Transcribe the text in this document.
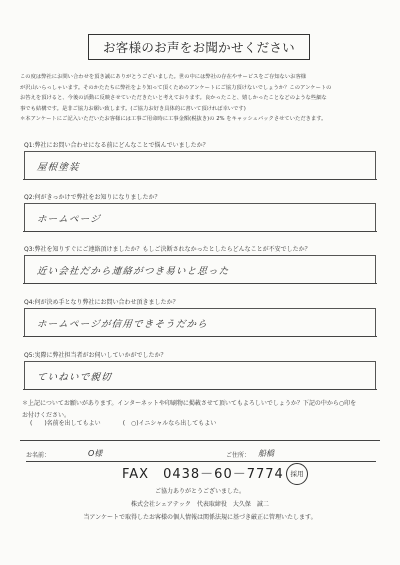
お客様のお声をお聞かせください

この度は弊社にお問い合わせを頂き誠にありがとうございました。世の中には弊社の存在やサービスをご存知ないお客様

が沢山いらっしゃいます。そのかたたちに弊社をより知って頂くためのアンケートにご協力頂けないでしょうか？このアンケートの

お答えを頂けると、今後の活動に反映させていただきたいと考えております。良かったこと、嬉しかったことなどのような些細な

事でも結構です。是非ご協力お願い致します。(ご協力お好き具体的に書いて頂ければ幸いです)

＊本アンケートにご記入いただいたお客様には工事ご用命時に工事金額(税抜き)の 2% をキャッシュバックさせていただきます。

Q1:弊社にお問い合わせになる前にどんなことで悩んでいましたか？
屋根塗装
Q2:何がきっかけで弊社をお知りになりましたか？
ホームページ
Q3:弊社を知りすぐにご連絡頂けましたか？もしご決断されなかったとしたらどんなことが不安でしたか？
近い会社だから連絡がつき易いと思った
Q4:何が決め手となり弊社にお問い合わせ頂きましたか？
ホームページが信用できそうだから
Q5:実際に弊社担当者がお伺いしていかがでしたか？
ていねいで親切
＊上記についてお願いがあります。インターネットや印刷物に掲載させて頂いてもよろしいでしょうか？下記の中から○印を
お付けください。
(　　)名前を出してもよい	(　○)イニシャルなら出してもよい
お名前：	O様	ご住所： 船橋
FAX　0438－60－7774	採用
ご協力ありがとうございました。
株式会社シェアテック　代表取締役　大久保　誠二
当アンケートで取得したお客様の個人情報は関係法規に基づき厳正に管理いたします。
